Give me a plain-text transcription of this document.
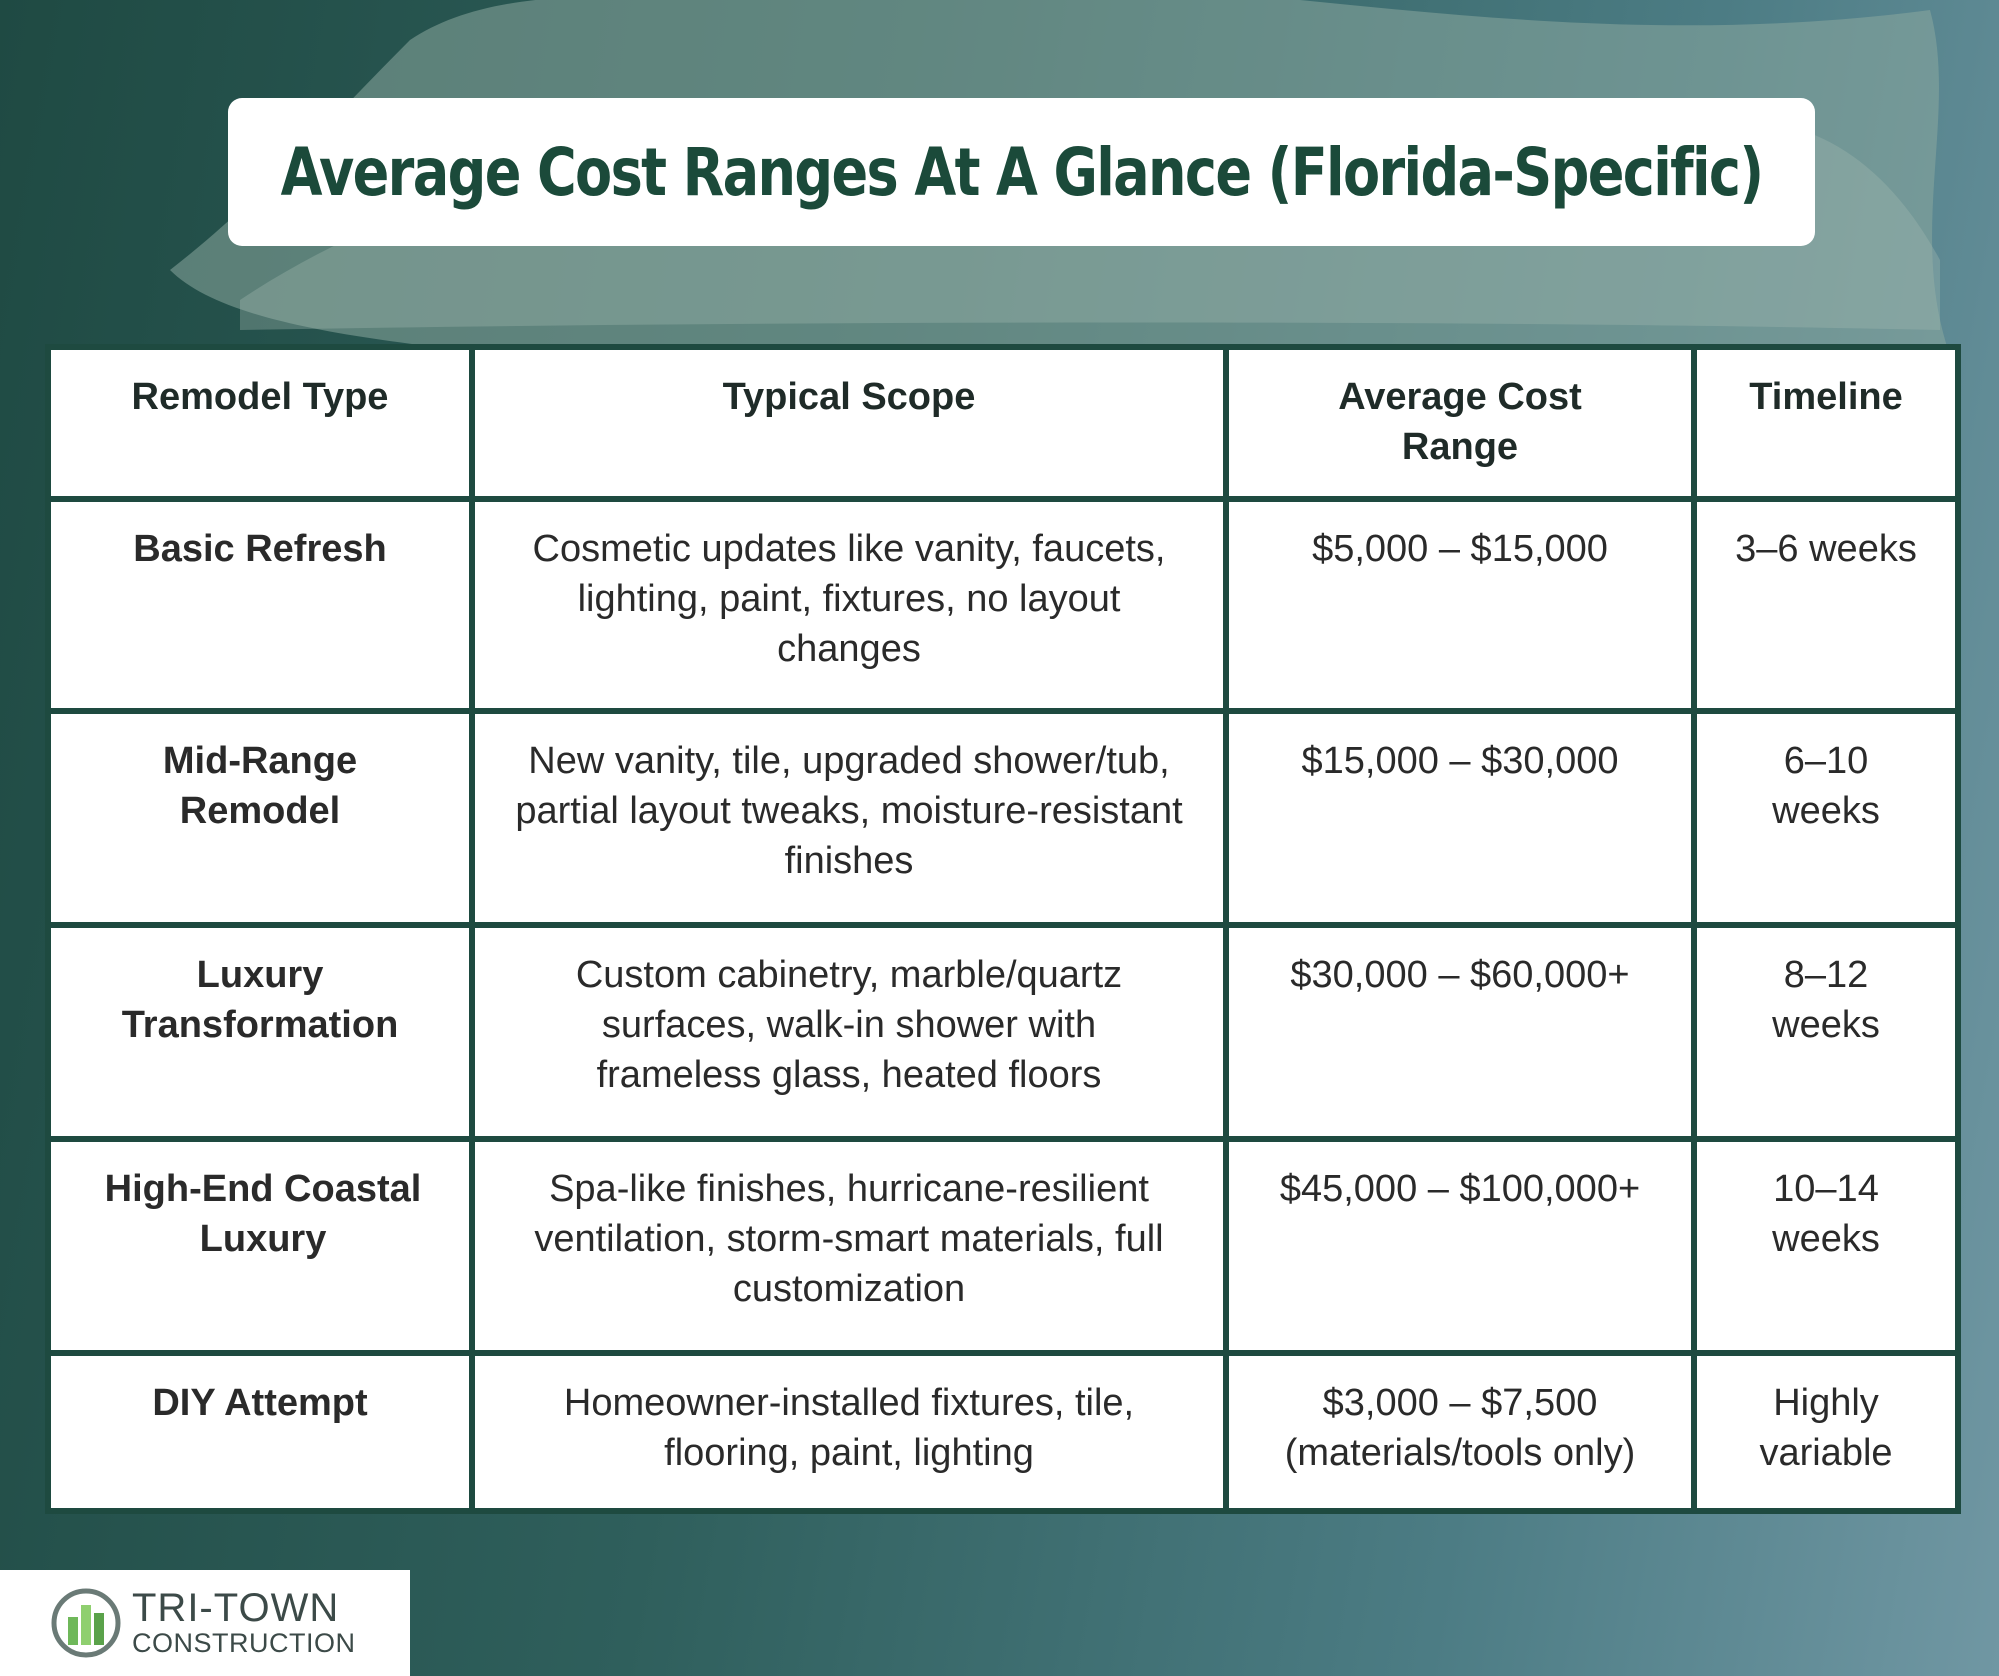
Average Cost Ranges At A Glance (Florida-Specific)
Remodel Type	Typical Scope	Average Cost Range	Timeline
Basic Refresh	Cosmetic updates like vanity, faucets, lighting, paint, fixtures, no layout changes	$5,000 – $15,000	3–6 weeks
Mid-Range Remodel	New vanity, tile, upgraded shower/tub, partial layout tweaks, moisture-resistant finishes	$15,000 – $30,000	6–10 weeks
Luxury Transformation	Custom cabinetry, marble/quartz surfaces, walk-in shower with frameless glass, heated floors	$30,000 – $60,000+	8–12 weeks
High-End Coastal Luxury	Spa-like finishes, hurricane-resilient ventilation, storm-smart materials, full customization	$45,000 – $100,000+	10–14 weeks
DIY Attempt	Homeowner-installed fixtures, tile, flooring, paint, lighting	$3,000 – $7,500 (materials/tools only)	Highly variable
TRI-TOWN
CONSTRUCTION
